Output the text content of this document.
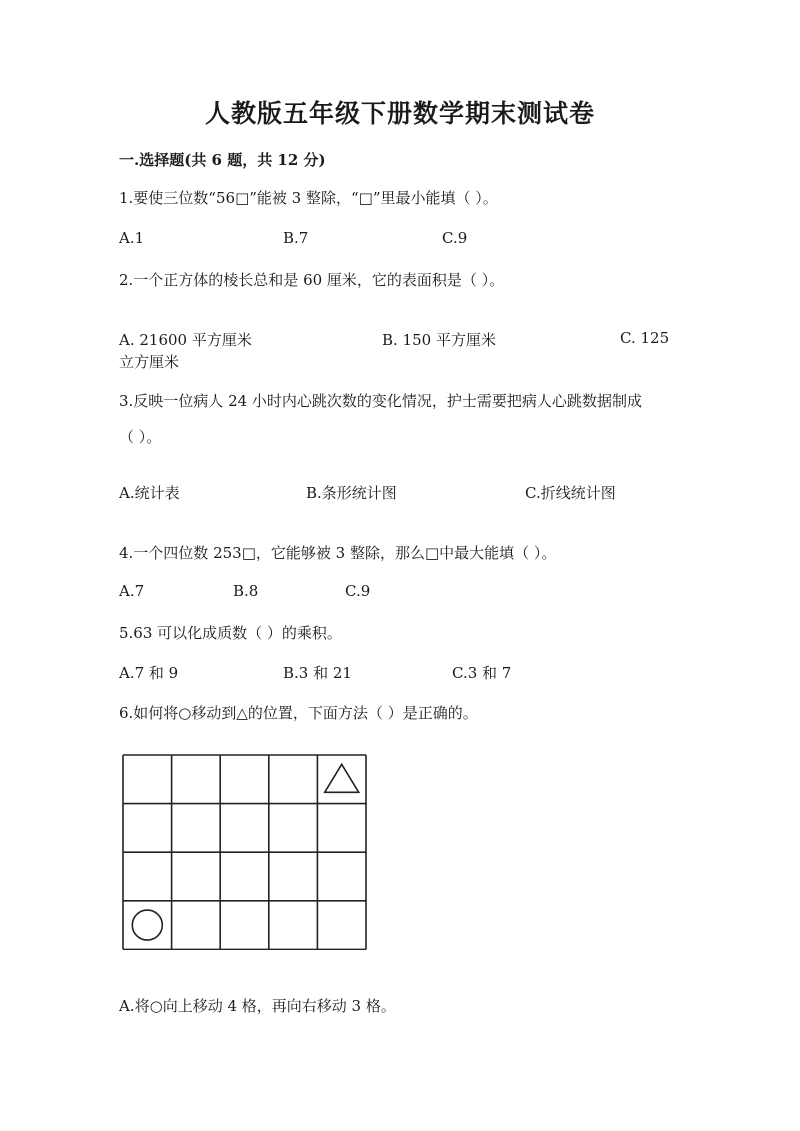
人教版五年级下册数学期末测试卷
一.选择题(共 6 题，共 12 分)
1.要使三位数“56□”能被 3 整除，“□”里最小能填（ ）。
A.1	B.7	C.9
2.一个正方体的棱长总和是 60 厘米，它的表面积是（ ）。
A. 21600 平方厘米	B. 150 平方厘米	C. 125
立方厘米
3.反映一位病人 24 小时内心跳次数的变化情况，护士需要把病人心跳数据制成
（ ）。
A.统计表	B.条形统计图	C.折线统计图
4.一个四位数 253□，它能够被 3 整除，那么□中最大能填（ ）。
A.7	B.8	C.9
5.63 可以化成质数（ ）的乘积。
A.7 和 9	B.3 和 21	C.3 和 7
6.如何将○移动到△的位置，下面方法（ ）是正确的。
A.将○向上移动 4 格，再向右移动 3 格。
